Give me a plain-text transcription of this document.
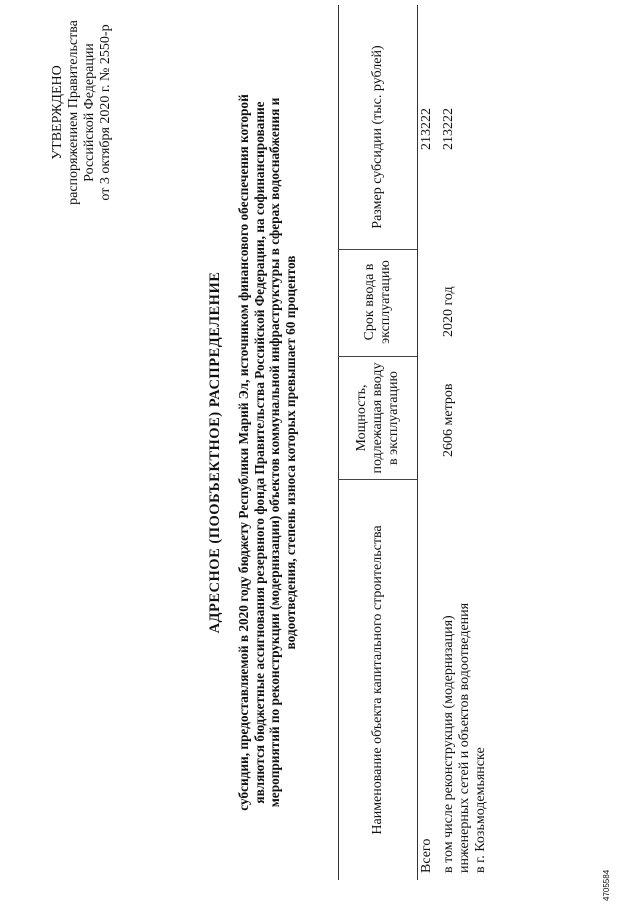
УТВЕРЖДЕНО распоряжением Правительства Российской Федерации от 3 октября 2020 г. № 2550-р
АДРЕСНОЕ (ПООБЪЕКТНОЕ) РАСПРЕДЕЛЕНИЕ субсидии, предоставляемой в 2020 году бюджету Республики Марий Эл, источником финансового обеспечения которой являются бюджетные ассигнования резервного фонда Правительства Российской Федерации, на софинансирование мероприятий по реконструкции (модернизации) объектов коммунальной инфраструктуры в сферах водоснабжения и водоотведения, степень износа которых превышает 60 процентов
Наименование объекта капитального строительства
Мощность, подлежащая вводу в эксплуатацию
Срок ввода в эксплуатацию
Размер субсидии (тыс. рублей)
Всего
213222
в том числе реконструкция (модернизация) инженерных сетей и объектов водоотведения в г. Козьмодемьянске
2606 метров
2020 год
213222
4705584
